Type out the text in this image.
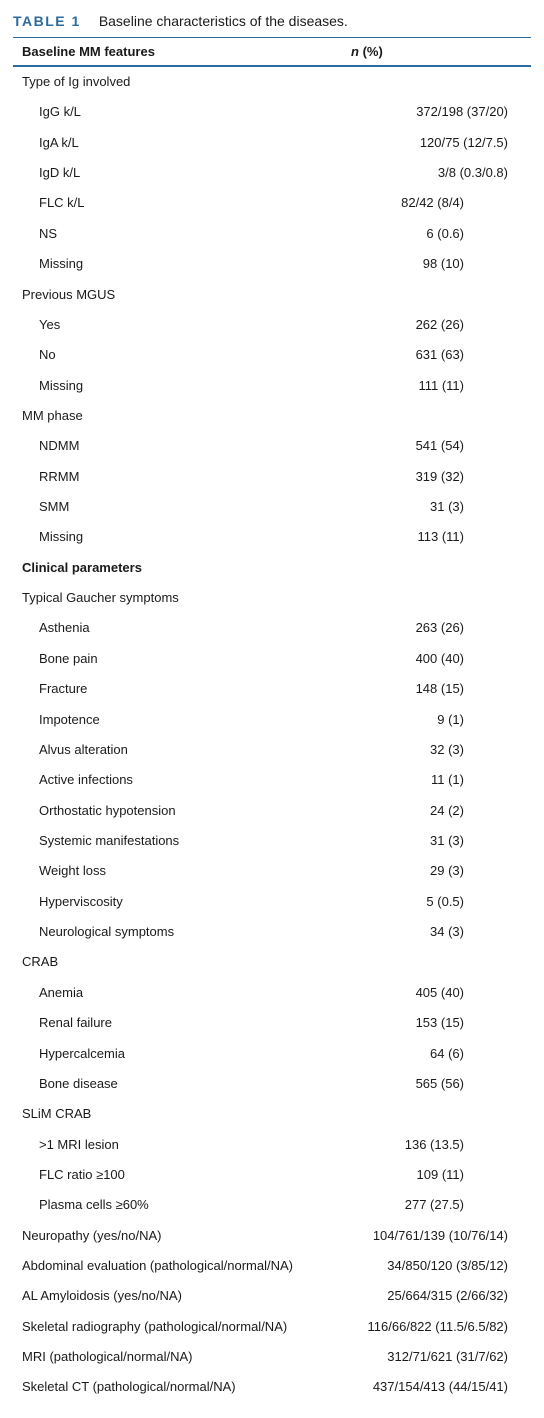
TABLE 1 Baseline characteristics of the diseases.
Baseline MM features	n (%)
Type of Ig involved
IgG k/L	372/198 (37/20)
IgA k/L	120/75 (12/7.5)
IgD k/L	3/8 (0.3/0.8)
FLC k/L	82/42 (8/4)
NS	6 (0.6)
Missing	98 (10)
Previous MGUS
Yes	262 (26)
No	631 (63)
Missing	111 (11)
MM phase
NDMM	541 (54)
RRMM	319 (32)
SMM	31 (3)
Missing	113 (11)
Clinical parameters
Typical Gaucher symptoms
Asthenia	263 (26)
Bone pain	400 (40)
Fracture	148 (15)
Impotence	9 (1)
Alvus alteration	32 (3)
Active infections	11 (1)
Orthostatic hypotension	24 (2)
Systemic manifestations	31 (3)
Weight loss	29 (3)
Hyperviscosity	5 (0.5)
Neurological symptoms	34 (3)
CRAB
Anemia	405 (40)
Renal failure	153 (15)
Hypercalcemia	64 (6)
Bone disease	565 (56)
SLiM CRAB
>1 MRI lesion	136 (13.5)
FLC ratio ≥100	109 (11)
Plasma cells ≥60%	277 (27.5)
Neuropathy (yes/no/NA)	104/761/139 (10/76/14)
Abdominal evaluation (pathological/normal/NA)	34/850/120 (3/85/12)
AL Amyloidosis (yes/no/NA)	25/664/315 (2/66/32)
Skeletal radiography (pathological/normal/NA)	116/66/822 (11.5/6.5/82)
MRI (pathological/normal/NA)	312/71/621 (31/7/62)
Skeletal CT (pathological/normal/NA)	437/154/413 (44/15/41)
